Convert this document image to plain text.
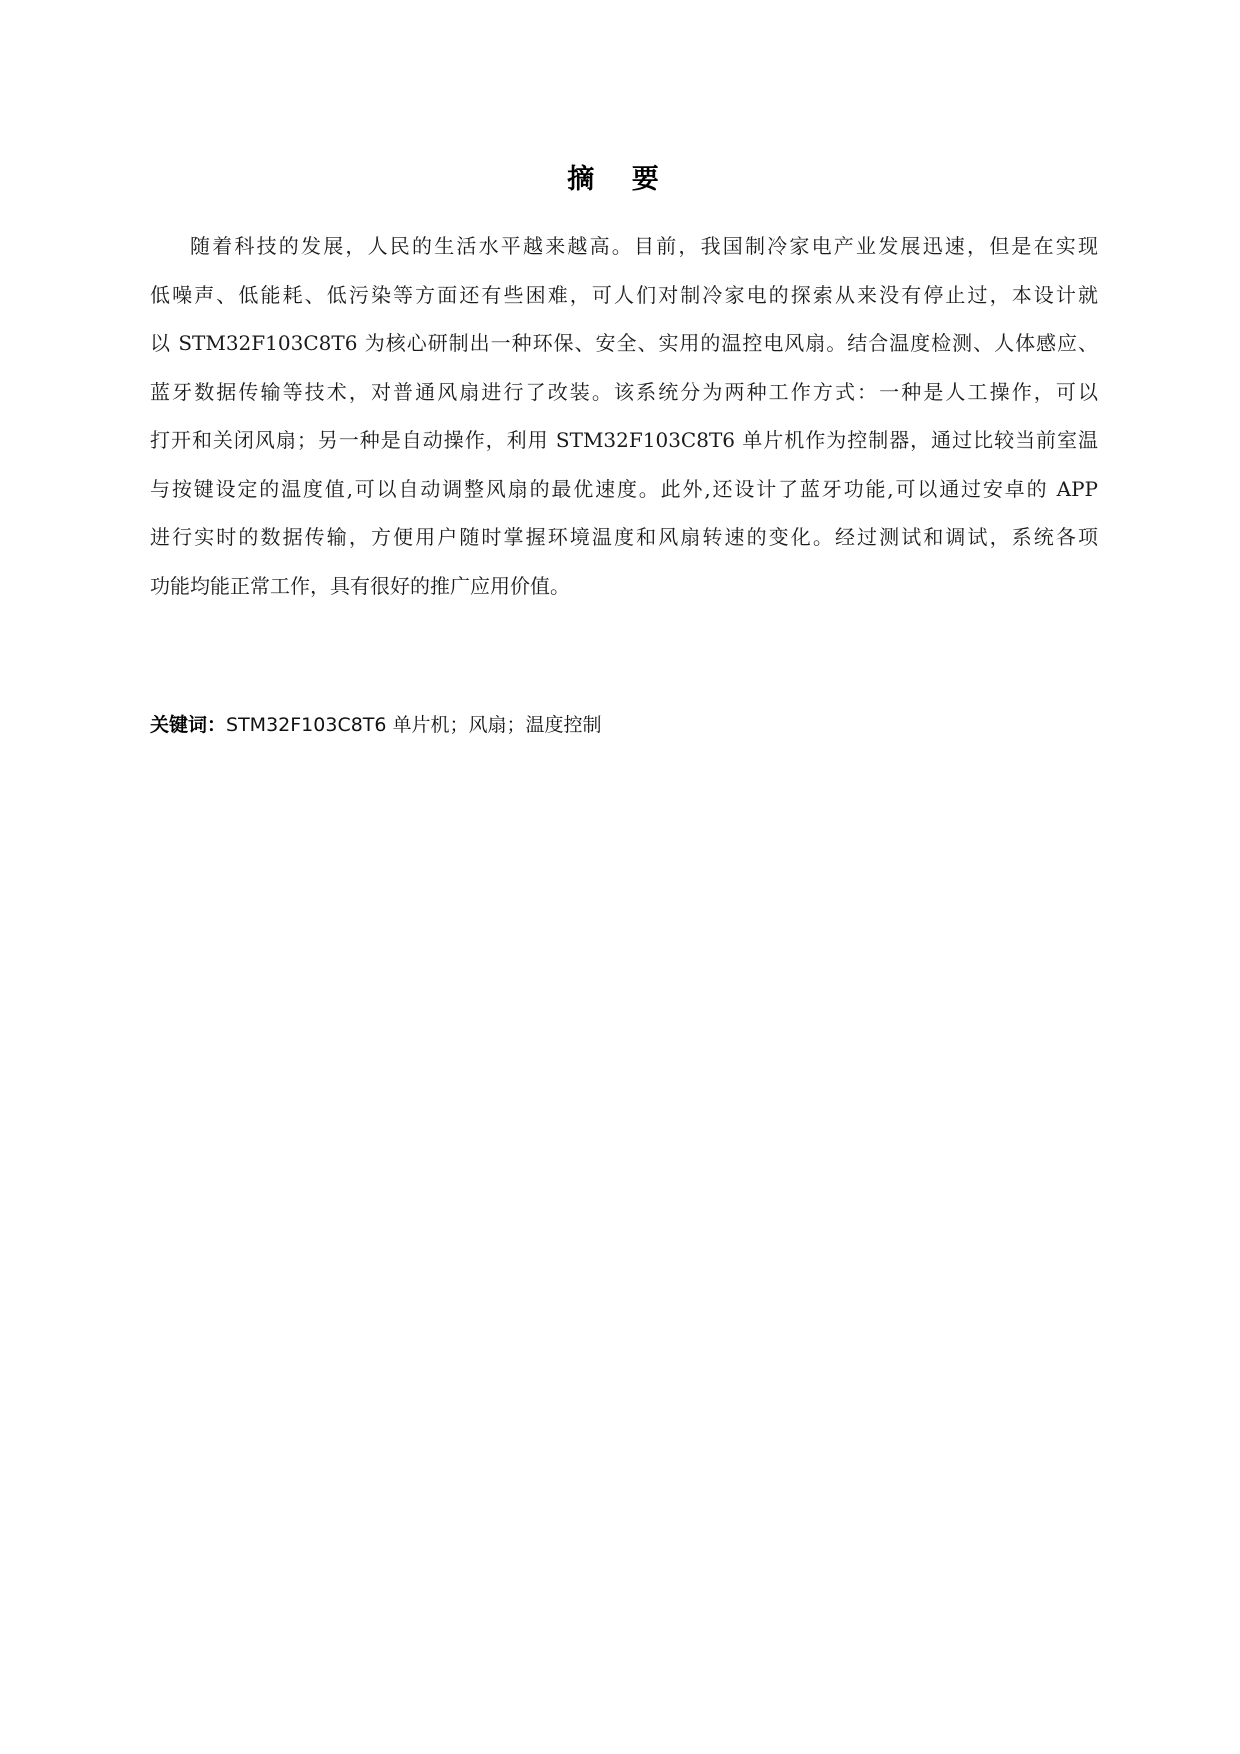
摘 要
随着科技的发展，人民的生活水平越来越高。目前，我国制冷家电产业发展迅速，但是在实现
低噪声、低能耗、低污染等方面还有些困难，可人们对制冷家电的探索从来没有停止过，本设计就
以 STM32F103C8T6 为核心研制出一种环保、安全、实用的温控电风扇。结合温度检测、人体感应、
蓝牙数据传输等技术，对普通风扇进行了改装。该系统分为两种工作方式：一种是人工操作，可以
打开和关闭风扇；另一种是自动操作，利用 STM32F103C8T6 单片机作为控制器，通过比较当前室温
与按键设定的温度值,可以自动调整风扇的最优速度。此外,还设计了蓝牙功能,可以通过安卓的 APP
进行实时的数据传输，方便用户随时掌握环境温度和风扇转速的变化。经过测试和调试，系统各项
功能均能正常工作，具有很好的推广应用价值。
关键词：STM32F103C8T6 单片机；风扇；温度控制
